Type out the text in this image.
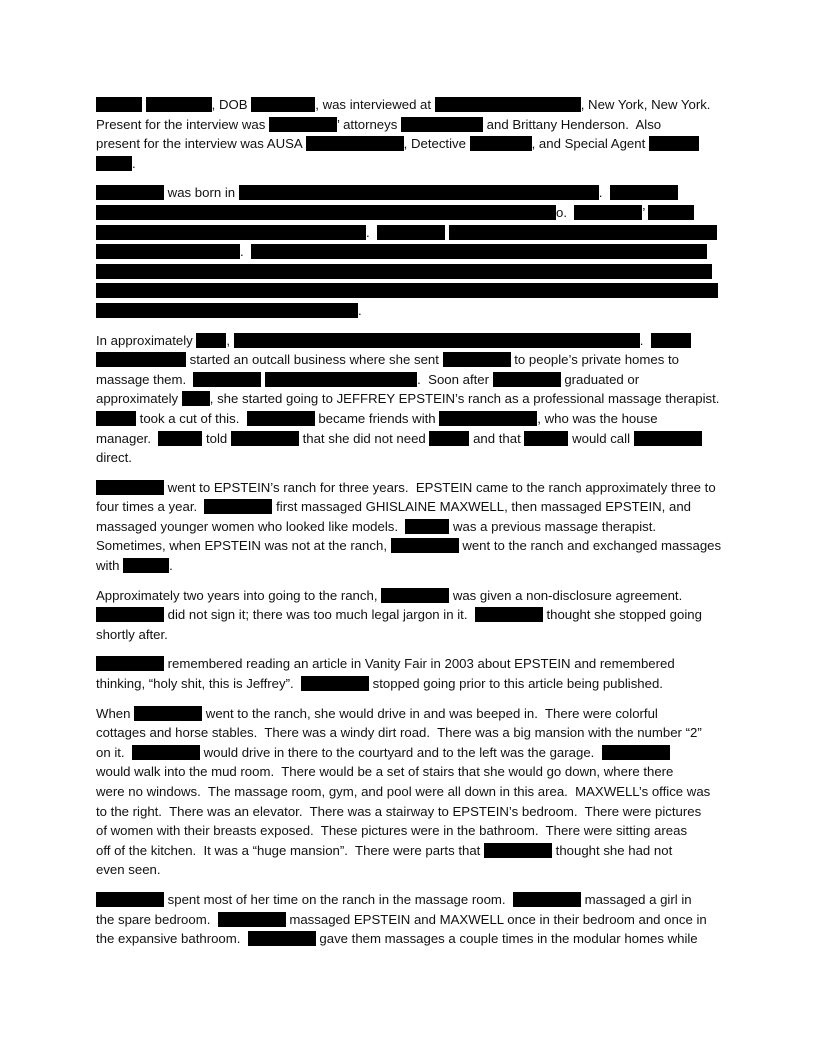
, DOB	, was interviewed at	, New York, New York.
Present for the interview was	’ attorneys	and Brittany Henderson.  Also
present for the interview was AUSA	, Detective	, and Special Agent
.
was born in	.
o.	’
.
.
.
In approximately ,	.
started an outcall business where she sent	to people’s private homes to
massage them.	.  Soon after	graduated or
approximately , she started going to JEFFREY EPSTEIN’s ranch as a professional massage therapist.
took a cut of this.	became friends with	, who was the house
manager.	told	that she did not need	and that	would call
direct.
went to EPSTEIN’s ranch for three years.  EPSTEIN came to the ranch approximately three to
four times a year.	first massaged GHISLAINE MAXWELL, then massaged EPSTEIN, and
massaged younger women who looked like models.	was a previous massage therapist.
Sometimes, when EPSTEIN was not at the ranch,	went to the ranch and exchanged massages
with	.
Approximately two years into going to the ranch,	was given a non-disclosure agreement.
did not sign it; there was too much legal jargon in it.	thought she stopped going
shortly after.
remembered reading an article in Vanity Fair in 2003 about EPSTEIN and remembered
thinking, “holy shit, this is Jeffrey”.	stopped going prior to this article being published.
When	went to the ranch, she would drive in and was beeped in.  There were colorful
cottages and horse stables.  There was a windy dirt road.  There was a big mansion with the number “2”
on it.	would drive in there to the courtyard and to the left was the garage.
would walk into the mud room.  There would be a set of stairs that she would go down, where there
were no windows.  The massage room, gym, and pool were all down in this area.  MAXWELL’s office was
to the right.  There was an elevator.  There was a stairway to EPSTEIN’s bedroom.  There were pictures
of women with their breasts exposed.  These pictures were in the bathroom.  There were sitting areas
off of the kitchen.  It was a “huge mansion”.  There were parts that	thought she had not
even seen.
spent most of her time on the ranch in the massage room.	massaged a girl in
the spare bedroom.	massaged EPSTEIN and MAXWELL once in their bedroom and once in
the expansive bathroom.	gave them massages a couple times in the modular homes while
